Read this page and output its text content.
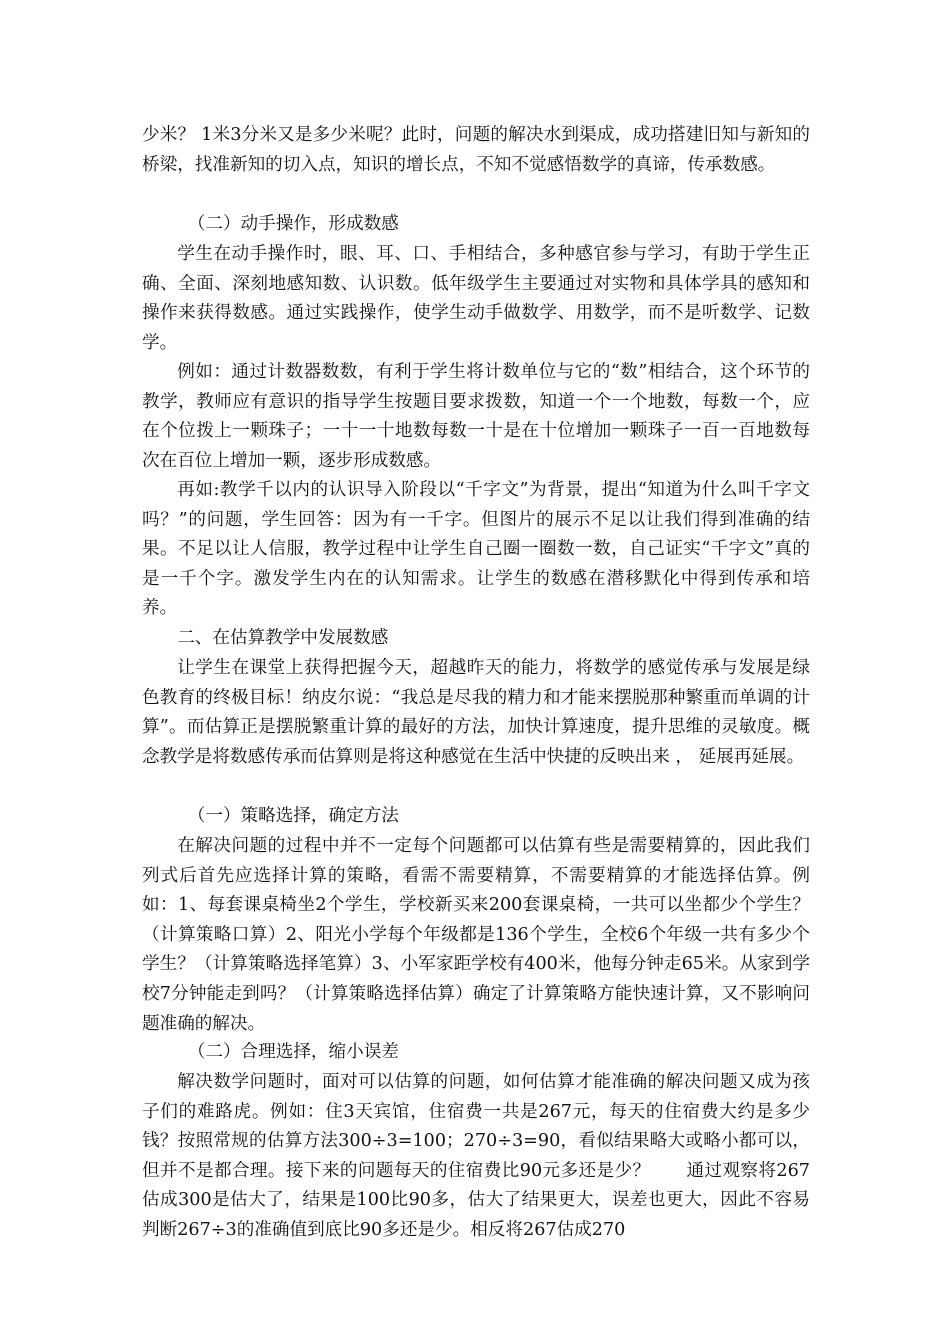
少米？ 1米3分米又是多少米呢？此时，问题的解决水到渠成，成功搭建旧知与新知的桥梁，找准新知的切入点，知识的增长点，不知不觉感悟数学的真谛，传承数感。

（二）动手操作，形成数感

学生在动手操作时，眼、耳、口、手相结合，多种感官参与学习，有助于学生正确、全面、深刻地感知数、认识数。低年级学生主要通过对实物和具体学具的感知和操作来获得数感。通过实践操作，使学生动手做数学、用数学，而不是听数学、记数学。

例如：通过计数器数数，有利于学生将计数单位与它的“数”相结合，这个环节的教学，教师应有意识的指导学生按题目要求拨数，知道一个一个地数，每数一个，应在个位拨上一颗珠子；一十一十地数每数一十是在十位增加一颗珠子一百一百地数每次在百位上增加一颗，逐步形成数感。

再如:教学千以内的认识导入阶段以“千字文”为背景，提出“知道为什么叫千字文吗？”的问题，学生回答：因为有一千字。但图片的展示不足以让我们得到准确的结果。不足以让人信服，教学过程中让学生自己圈一圈数一数，自己证实“千字文”真的是一千个字。激发学生内在的认知需求。让学生的数感在潜移默化中得到传承和培养。

二、在估算教学中发展数感

让学生在课堂上获得把握今天，超越昨天的能力，将数学的感觉传承与发展是绿色教育的终极目标！纳皮尔说：“我总是尽我的精力和才能来摆脱那种繁重而单调的计算”。而估算正是摆脱繁重计算的最好的方法，加快计算速度，提升思维的灵敏度。概念教学是将数感传承而估算则是将这种感觉在生活中快捷的反映出来 ， 延展再延展。

（一）策略选择，确定方法

在解决问题的过程中并不一定每个问题都可以估算有些是需要精算的，因此我们列式后首先应选择计算的策略，看需不需要精算，不需要精算的才能选择估算。例如：1、每套课桌椅坐2个学生，学校新买来200套课桌椅，一共可以坐都少个学生？（计算策略口算）2、阳光小学每个年级都是136个学生，全校6个年级一共有多少个学生？（计算策略选择笔算）3、小军家距学校有400米，他每分钟走65米。从家到学校7分钟能走到吗？（计算策略选择估算）确定了计算策略方能快速计算，又不影响问题准确的解决。

（二）合理选择，缩小误差

解决数学问题时，面对可以估算的问题，如何估算才能准确的解决问题又成为孩子们的难路虎。例如：住3天宾馆，住宿费一共是267元，每天的住宿费大约是多少钱？按照常规的估算方法300÷3=100；270÷3=90，看似结果略大或略小都可以，但并不是都合理。接下来的问题每天的住宿费比90元多还是少？　　通过观察将267估成300是估大了，结果是100比90多，估大了结果更大，误差也更大，因此不容易判断267÷3的准确值到底比90多还是少。相反将267估成270
